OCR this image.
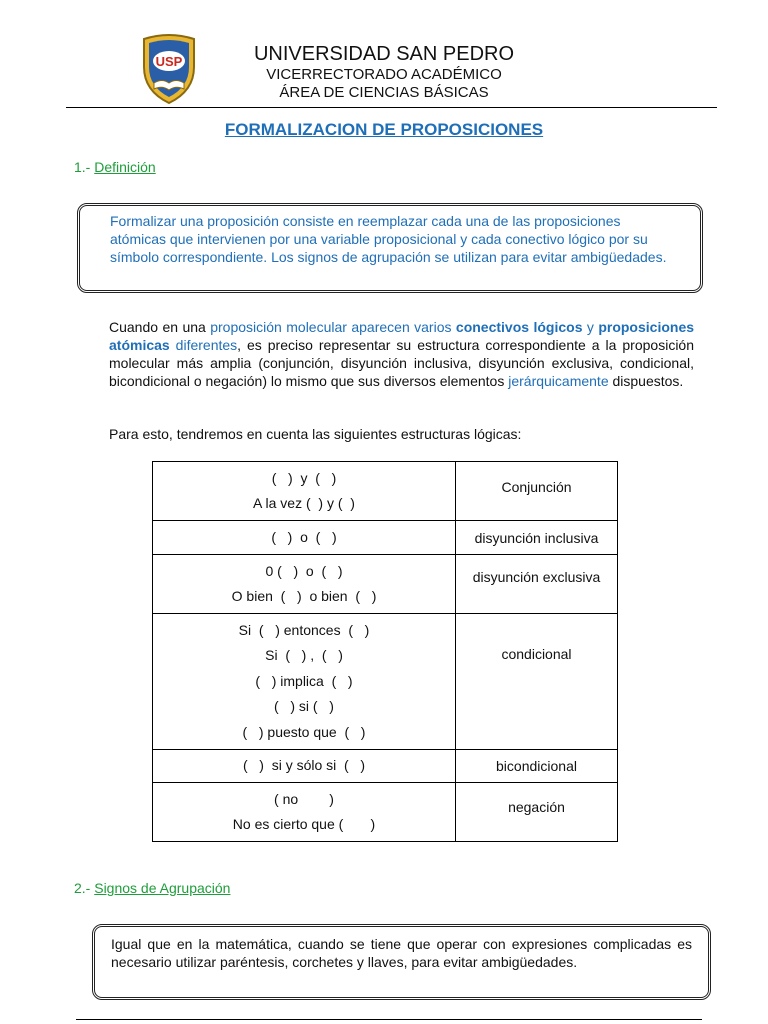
USP	UNIVERSIDAD SAN PEDRO
VICERRECTORADO ACADÉMICO
ÁREA DE CIENCIAS BÁSICAS
FORMALIZACION DE PROPOSICIONES
1.- Definición

Formalizar una proposición consiste en reemplazar cada una de las proposiciones atómicas que intervienen por una variable proposicional y cada conectivo lógico por su símbolo correspondiente. Los signos de agrupación se utilizan para evitar ambigüedades.

Cuando en una proposición molecular aparecen varios conectivos lógicos y proposiciones atómicas diferentes, es preciso representar su estructura correspondiente a la proposición molecular más amplia (conjunción, disyunción inclusiva, disyunción exclusiva, condicional, bicondicional o negación) lo mismo que sus diversos elementos jerárquicamente dispuestos.

Para esto, tendremos en cuenta las siguientes estructuras lógicas:

(   )  y  (   )
A la vez (  ) y (  )	Conjunción

(   )  o  (   )	disyunción inclusiva

0 (   )  o  (   )
O bien  (   )  o bien  (   )	disyunción exclusiva

Si  (   ) entonces  (   )
Si  (   ) ,  (   )
(   ) implica  (   )
(   ) si (   )
(   ) puesto que  (   )	condicional

(   )  si y sólo si  (   )	bicondicional

( no        )
No es cierto que (       )	negación
2.- Signos de Agrupación

Igual que en la matemática, cuando se tiene que operar con expresiones complicadas es necesario utilizar paréntesis, corchetes y llaves, para evitar ambigüedades.
